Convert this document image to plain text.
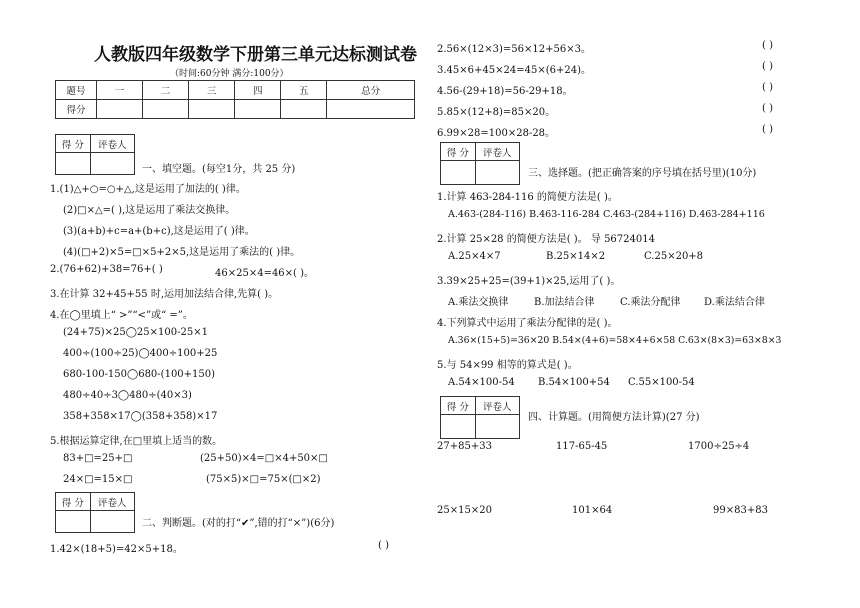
人教版四年级数学下册第三单元达标测试卷
（时间:60分钟 满分:100分）
题号	一	二	三	四	五	总分
得分						
得 分	评卷人

一、填空题。(每空1分，共 25 分)
1.(1)△+○=○+△,这是运用了加法的( )律。
(2)□×△=( ),这是运用了乘法交换律。
(3)(a+b)+c=a+(b+c),这是运用了( )律。
(4)(□+2)×5=□×5+2×5,这是运用了乘法的( )律。
2.(76+62)+38=76+( )	46×25×4=46×( )。
3.在计算 32+45+55 时,运用加法结合律,先算( )。
4.在◯里填上“ >”“<”或“ =”。
(24+75)×25◯25×100-25×1
400÷(100÷25)◯400÷100+25
680-100-150◯680-(100+150)
480÷40÷3◯480÷(40×3)
358+358×17◯(358+358)×17
5.根据运算定律,在□里填上适当的数。
83+□=25+□	(25+50)×4=□×4+50×□
24×□=15×□	(75×5)×□=75×(□×2)
得 分	评卷人

二、判断题。(对的打“✔”,错的打“×”)(6分)
1.42×(18+5)=42×5+18。	( )
2.56×(12×3)=56×12+56×3。	( )
3.45×6+45×24=45×(6+24)。	( )
4.56-(29+18)=56-29+18。	( )
5.85×(12+8)=85×20。	( )
6.99×28=100×28-28。	( )
得 分	评卷人

三、选择题。(把正确答案的序号填在括号里)(10分)
1.计算 463-284-116 的简便方法是( )。
A.463-(284-116) B.463-116-284 C.463-(284+116) D.463-284+116
2.计算 25×28 的简便方法是( )。 导 56724014
A.25×4×7	B.25×14×2	C.25×20+8
3.39×25+25=(39+1)×25,运用了( )。
A.乘法交换律	B.加法结合律	C.乘法分配律 D.乘法结合律
4.下列算式中运用了乘法分配律的是( )。
A.36×(15+5)=36×20 B.54×(4+6)=58×4+6×58 C.63×(8×3)=63×8×3
5.与 54×99 相等的算式是( )。
A.54×100-54 B.54×100+54 C.55×100-54
得 分	评卷人

四、计算题。(用简便方法计算)(27 分)
27+85+33	117-65-45	1700÷25÷4
25×15×20	101×64	99×83+83
